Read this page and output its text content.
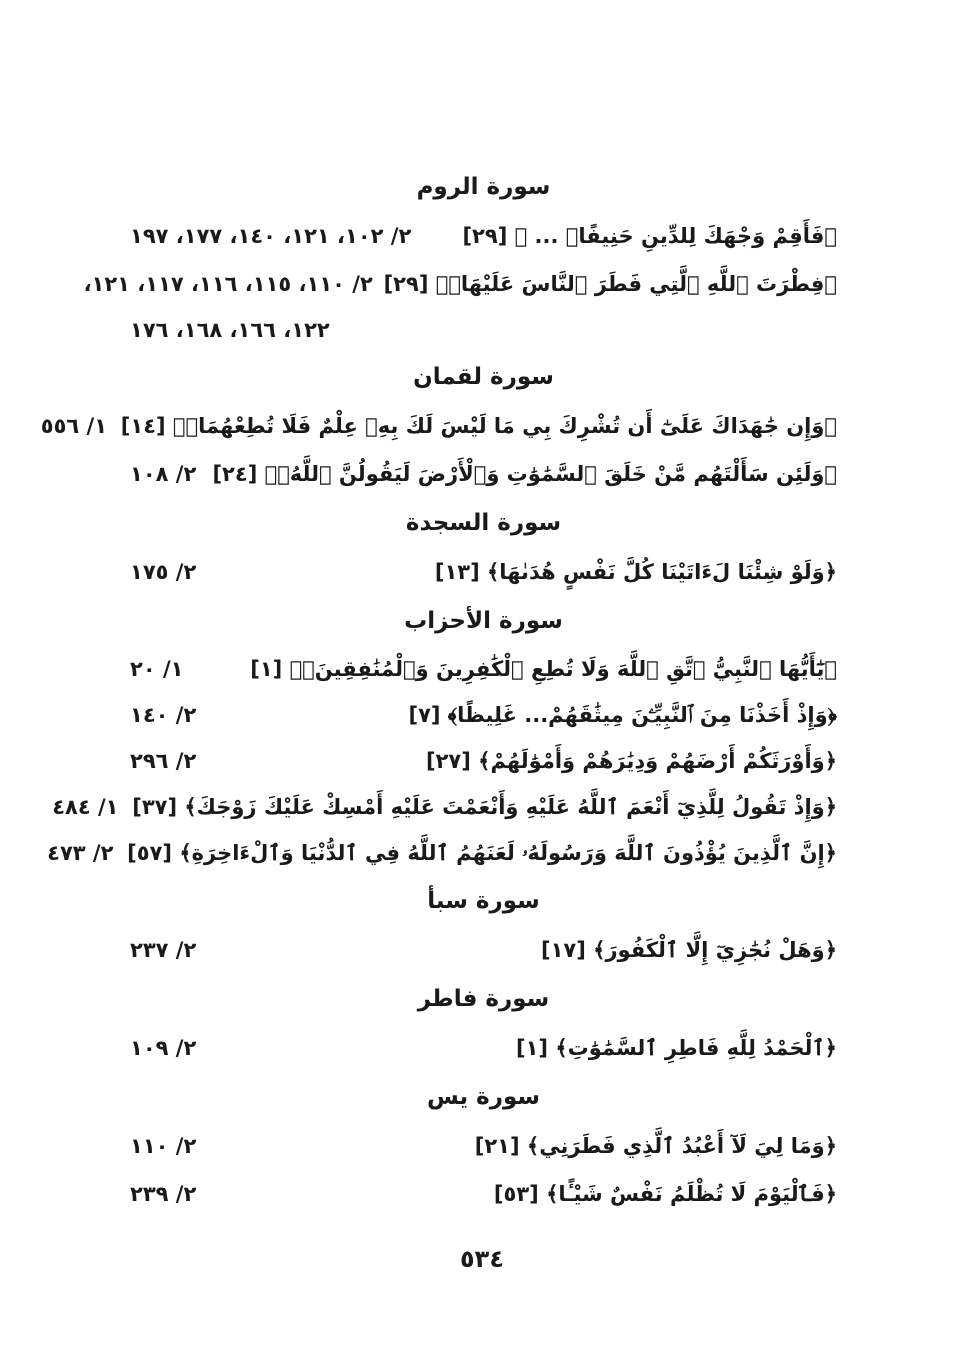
سورة الروم
﴿فَأَقِمْ وَجْهَكَ لِلدِّينِ حَنِيفًاۚ ... ﴾ [٢٩]
٢/ ١٠٢، ١٢١، ١٤٠، ١٧٧، ١٩٧
﴿فِطْرَتَ ٱللَّهِ ٱلَّتِي فَطَرَ ٱلنَّاسَ عَلَيْهَاۚ﴾ [٢٩]
٢/ ١١٠، ١١٥، ١١٦، ١١٧، ١٢١،
١٢٢، ١٦٦، ١٦٨، ١٧٦
سورة لقمان
﴿وَإِن جَٰهَدَاكَ عَلَىٰٓ أَن تُشْرِكَ بِي مَا لَيْسَ لَكَ بِهِۦ عِلْمٌ فَلَا تُطِعْهُمَاۖ﴾ [١٤]
١/ ٥٥٦
﴿وَلَئِن سَأَلْتَهُم مَّنْ خَلَقَ ٱلسَّمَٰوَٰتِ وَٱلْأَرْضَ لَيَقُولُنَّ ٱللَّهُۚ﴾ [٢٤]
٢/ ١٠٨
سورة السجدة
﴿وَلَوْ شِئْنَا لَءَاتَيْنَا كُلَّ نَفْسٍ هُدَىٰهَا﴾ [١٣]
٢/ ١٧٥
سورة الأحزاب
﴿يَٰٓأَيُّهَا ٱلنَّبِيُّ ٱتَّقِ ٱللَّهَ وَلَا تُطِعِ ٱلْكَٰفِرِينَ وَٱلْمُنَٰفِقِينَۗ﴾ [١]
١/ ٢٠
﴿وَإِذْ أَخَذْنَا مِنَ ٱلنَّبِيِّـۧنَ مِيثَٰقَهُمْ... غَلِيظًا﴾ [٧]
٢/ ١٤٠
﴿وَأَوْرَثَكُمْ أَرْضَهُمْ وَدِيَٰرَهُمْ وَأَمْوَٰلَهُمْ﴾ [٢٧]
٢/ ٢٩٦
﴿وَإِذْ تَقُولُ لِلَّذِيٓ أَنْعَمَ ٱللَّهُ عَلَيْهِ وَأَنْعَمْتَ عَلَيْهِ أَمْسِكْ عَلَيْكَ زَوْجَكَ﴾ [٣٧]
١/ ٤٨٤
﴿إِنَّ ٱلَّذِينَ يُؤْذُونَ ٱللَّهَ وَرَسُولَهُۥ لَعَنَهُمُ ٱللَّهُ فِي ٱلدُّنْيَا وَٱلْءَاخِرَةِ﴾ [٥٧]
٢/ ٤٧٣
سورة سبأ
﴿وَهَلْ نُجَٰزِيٓ إِلَّا ٱلْكَفُورَ﴾ [١٧]
٢/ ٢٣٧
سورة فاطر
﴿ٱلْحَمْدُ لِلَّهِ فَاطِرِ ٱلسَّمَٰوَٰتِ﴾ [١]
٢/ ١٠٩
سورة يس
﴿وَمَا لِيَ لَآ أَعْبُدُ ٱلَّذِي فَطَرَنِي﴾ [٢١]
٢/ ١١٠
﴿فَٱلْيَوْمَ لَا تُظْلَمُ نَفْسٌ شَيْـًٔا﴾ [٥٣]
٢/ ٢٣٩
٥٣٤
